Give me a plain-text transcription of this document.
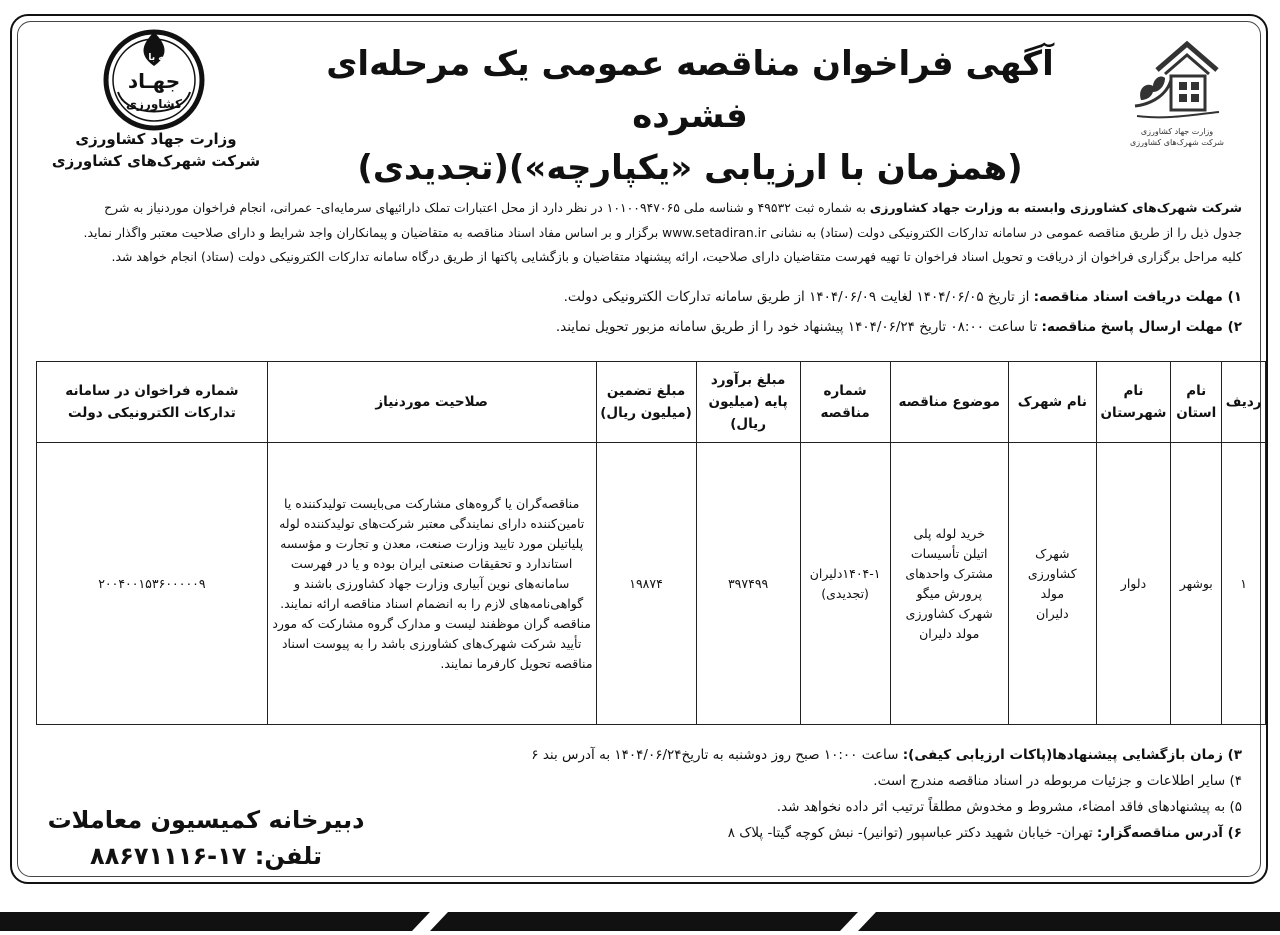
همه با هم
جهـاد
کشاورزی
وزارت جهاد کشاورزی
شرکت شهرک‌های کشاورزی
آگهی فراخوان مناقصه عمومی یک مرحله‌ای فشرده
(همزمان با ارزیابی «یکپارچه»)(تجدیدی)
وزارت جهاد کشاورزی
شرکت شهرک‌های کشاورزی

شرکت شهرک‌های کشاورزی وابسته به وزارت جهاد کشاورزی به شماره ثبت ۴۹۵۳۲ و شناسه ملی ۱۰۱۰۰۹۴۷۰۶۵ در نظر دارد از محل اعتبارات تملک دارائیهای سرمایه‌ای- عمرانی، انجام فراخوان موردنیاز به شرح

جدول ذیل را از طریق مناقصه عمومی در سامانه تدارکات الکترونیکی دولت (ستاد) به نشانی www.setadiran.ir برگزار و بر اساس مفاد اسناد مناقصه به متقاضیان و پیمانکاران واجد شرایط و دارای صلاحیت معتبر واگذار نماید.

کلیه مراحل برگزاری فراخوان از دریافت و تحویل اسناد فراخوان تا تهیه فهرست متقاضیان دارای صلاحیت، ارائه پیشنهاد متقاضیان و بازگشایی پاکتها از طریق درگاه سامانه تدارکات الکترونیکی دولت (ستاد) انجام خواهد شد.

۱) مهلت دریافت اسناد مناقصه: از تاریخ ۱۴۰۴/۰۶/۰۵ لغایت ۱۴۰۴/۰۶/۰۹ از طریق سامانه تدارکات الکترونیکی دولت.
۲) مهلت ارسال پاسخ مناقصه: تا ساعت ۰۸:۰۰ تاریخ ۱۴۰۴/۰۶/۲۴ پیشنهاد خود را از طریق سامانه مزبور تحویل نمایند.
ردیف	نام استان	نام شهرستان	نام شهرک	موضوع مناقصه	شماره مناقصه	مبلغ برآورد پایه (میلیون ریال)	مبلغ تضمین (میلیون ریال)	صلاحیت موردنیاز	شماره فراخوان در سامانه تدارکات الکترونیکی دولت
۱	بوشهر	دلوار	شهرک کشاورزی مولد دلیران	خرید لوله پلی اتیلن تأسیسات مشترک واحدهای پرورش میگو شهرک کشاورزی مولد دلیران	۱۴۰۴-۱دلیران (تجدیدی)	۳۹۷۴۹۹	۱۹۸۷۴	مناقصه‌گران یا گروه‌های مشارکت می‌بایست تولیدکننده یا تامین‌کننده دارای نمایندگی معتبر شرکت‌های تولیدکننده لوله پلیاتیلن مورد تایید وزارت صنعت، معدن و تجارت و مؤسسه استاندارد و تحقیقات صنعتی ایران بوده و یا در فهرست سامانه‌های نوین آبیاری وزارت جهاد کشاورزی باشند و گواهی‌نامه‌های لازم را به انضمام اسناد مناقصه ارائه نمایند. مناقصه گران موظفند لیست و مدارک گروه مشارکت که مورد تأیید شرکت شهرک‌های کشاورزی باشد را به پیوست اسناد مناقصه تحویل کارفرما نمایند.	۲۰۰۴۰۰۱۵۳۶۰۰۰۰۰۹
۳) زمان بازگشایی پیشنهادها(پاکات ارزیابی کیفی): ساعت ۱۰:۰۰ صبح روز دوشنبه به تاریخ۱۴۰۴/۰۶/۲۴ به آدرس بند ۶
۴) سایر اطلاعات و جزئیات مربوطه در اسناد مناقصه مندرج است.
۵) به پیشنهادهای فاقد امضاء، مشروط و مخدوش مطلقاً ترتیب اثر داده نخواهد شد.
۶) آدرس مناقصه‌گزار: تهران- خیابان شهید دکتر عباسپور (توانیر)- نبش کوچه گیتا- پلاک ۸
دبیرخانه کمیسیون معاملات
تلفن: ۱۷-۸۸۶۷۱۱۱۶
